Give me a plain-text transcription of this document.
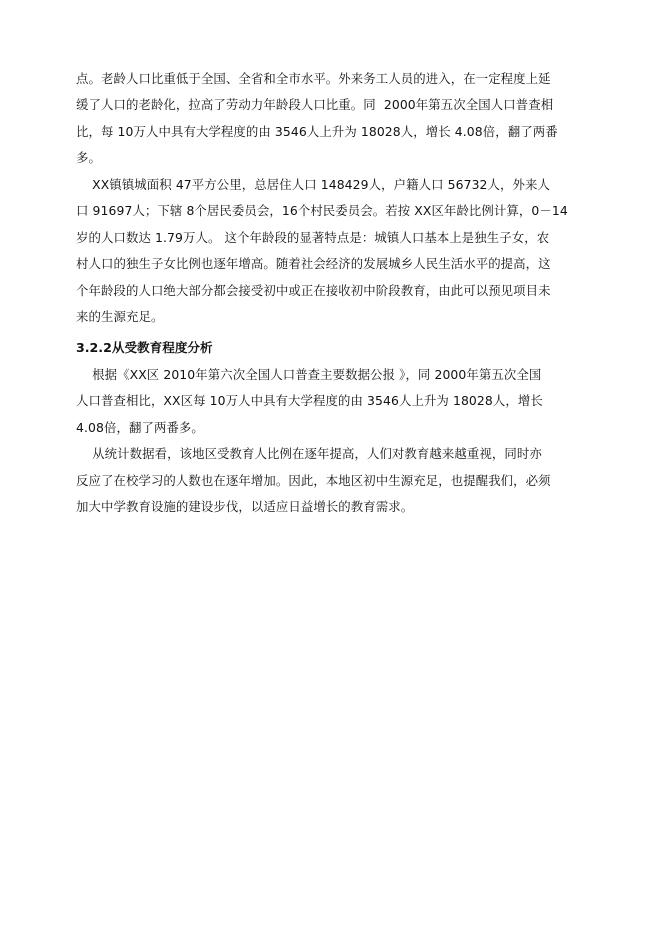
点。老龄人口比重低于全国、全省和全市水平。外来务工人员的进入，在一定程度上延
缓了人口的老龄化，拉高了劳动力年龄段人口比重。同  2000年第五次全国人口普查相
比，每 10万人中具有大学程度的由 3546人上升为 18028人，增长 4.08倍，翻了两番
多。
XX镇镇城面积 47平方公里，总居住人口 148429人，户籍人口 56732人，外来人
口 91697人；下辖 8个居民委员会，16个村民委员会。若按 XX区年龄比例计算，0－14
岁的人口数达 1.79万人。 这个年龄段的显著特点是：城镇人口基本上是独生子女，农
村人口的独生子女比例也逐年增高。随着社会经济的发展城乡人民生活水平的提高，这
个年龄段的人口绝大部分都会接受初中或正在接收初中阶段教育，由此可以预见项目未
来的生源充足。
3.2.2从受教育程度分析
根据《XX区 2010年第六次全国人口普查主要数据公报 》，同 2000年第五次全国
人口普查相比，XX区每 10万人中具有大学程度的由 3546人上升为 18028人，增长
4.08倍，翻了两番多。
从统计数据看，该地区受教育人比例在逐年提高，人们对教育越来越重视，同时亦
反应了在校学习的人数也在逐年增加。因此，本地区初中生源充足，也提醒我们，必须
加大中学教育设施的建设步伐，以适应日益增长的教育需求。
